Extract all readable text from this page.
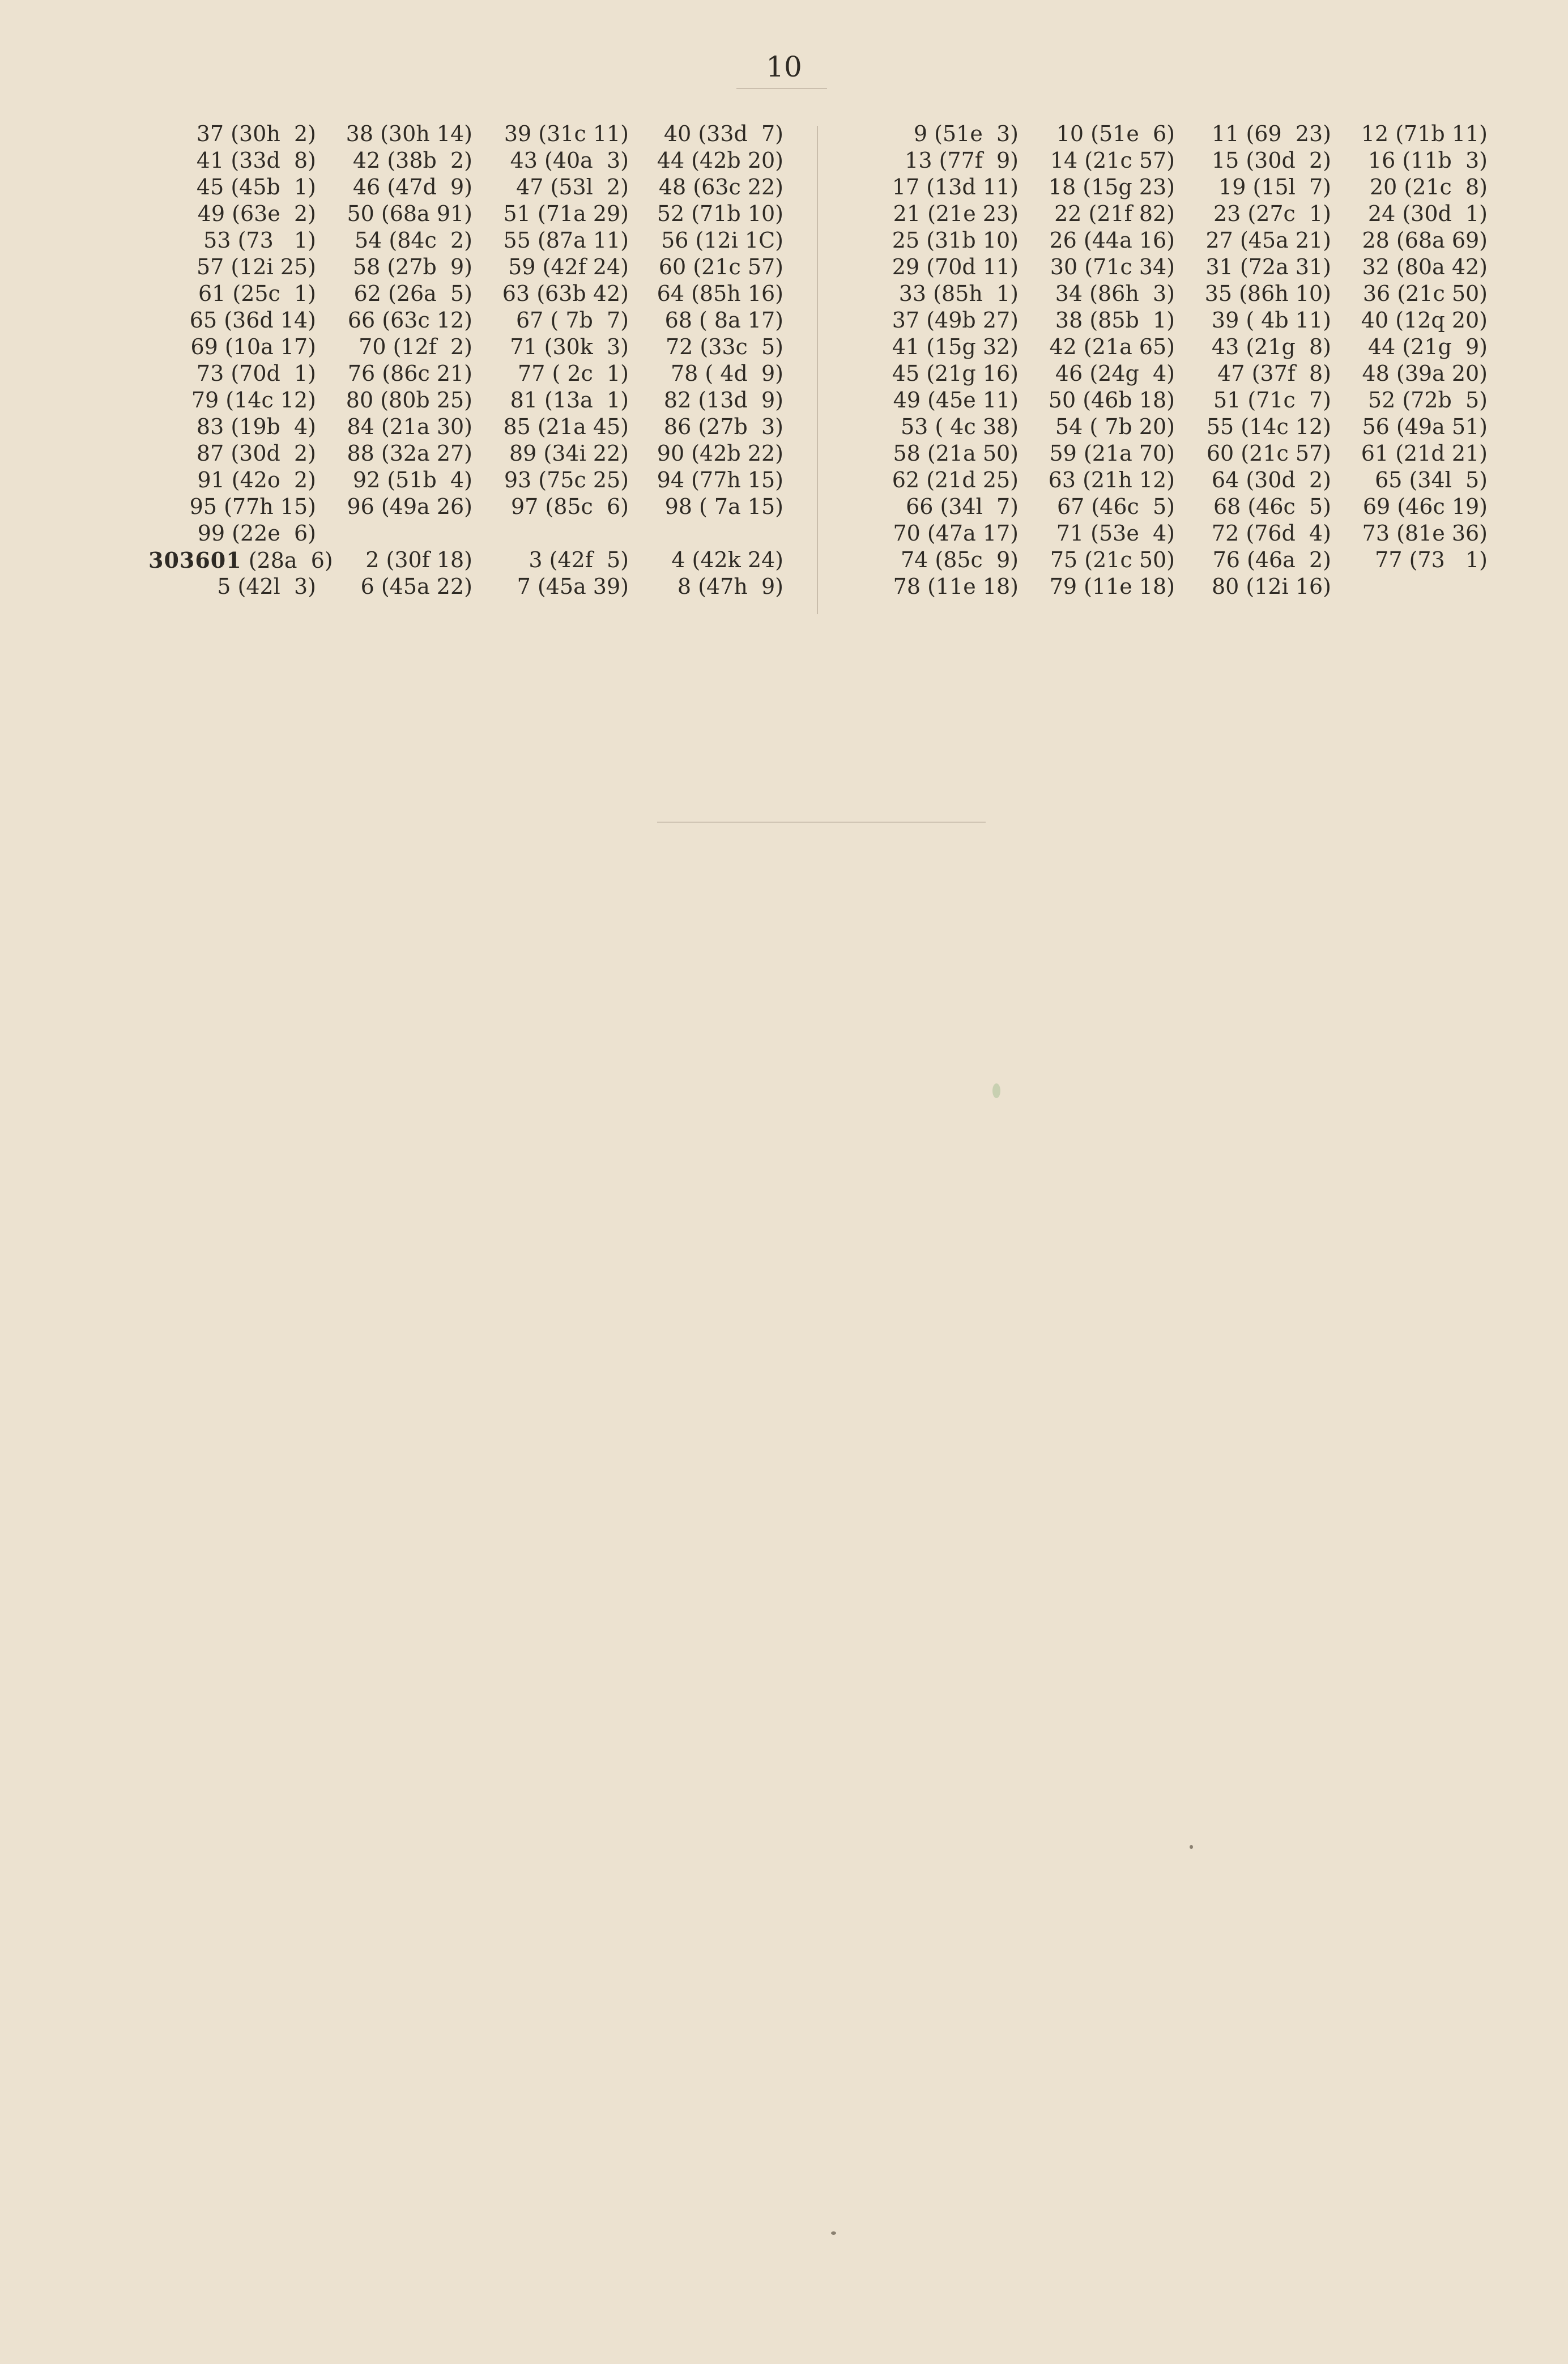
10
37 (30h  2)	38 (30h 14)	39 (31c 11)	40 (33d  7)
41 (33d  8)	42 (38b  2)	43 (40a  3)	44 (42b 20)
45 (45b  1)	46 (47d  9)	47 (53l  2)	48 (63c 22)
49 (63e  2)	50 (68a 91)	51 (71a 29)	52 (71b 10)
53 (73   1)	54 (84c  2)	55 (87a 11)	56 (12i 1C)
57 (12i 25)	58 (27b  9)	59 (42f 24)	60 (21c 57)
61 (25c  1)	62 (26a  5)	63 (63b 42)	64 (85h 16)
65 (36d 14)	66 (63c 12)	67 ( 7b  7)	68 ( 8a 17)
69 (10a 17)	70 (12f  2)	71 (30k  3)	72 (33c  5)
73 (70d  1)	76 (86c 21)	77 ( 2c  1)	78 ( 4d  9)
79 (14c 12)	80 (80b 25)	81 (13a  1)	82 (13d  9)
83 (19b  4)	84 (21a 30)	85 (21a 45)	86 (27b  3)
87 (30d  2)	88 (32a 27)	89 (34i 22)	90 (42b 22)
91 (42o  2)	92 (51b  4)	93 (75c 25)	94 (77h 15)
95 (77h 15)	96 (49a 26)	97 (85c  6)	98 ( 7a 15)
99 (22e  6)
303601 (28a  6)	2 (30f 18)	3 (42f  5)	4 (42k 24)
5 (42l  3)	6 (45a 22)	7 (45a 39)	8 (47h  9)
9 (51e  3)	10 (51e  6)	11 (69  23)	12 (71b 11)
13 (77f  9)	14 (21c 57)	15 (30d  2)	16 (11b  3)
17 (13d 11)	18 (15g 23)	19 (15l  7)	20 (21c  8)
21 (21e 23)	22 (21f 82)	23 (27c  1)	24 (30d  1)
25 (31b 10)	26 (44a 16)	27 (45a 21)	28 (68a 69)
29 (70d 11)	30 (71c 34)	31 (72a 31)	32 (80a 42)
33 (85h  1)	34 (86h  3)	35 (86h 10)	36 (21c 50)
37 (49b 27)	38 (85b  1)	39 ( 4b 11)	40 (12q 20)
41 (15g 32)	42 (21a 65)	43 (21g  8)	44 (21g  9)
45 (21g 16)	46 (24g  4)	47 (37f  8)	48 (39a 20)
49 (45e 11)	50 (46b 18)	51 (71c  7)	52 (72b  5)
53 ( 4c 38)	54 ( 7b 20)	55 (14c 12)	56 (49a 51)
58 (21a 50)	59 (21a 70)	60 (21c 57)	61 (21d 21)
62 (21d 25)	63 (21h 12)	64 (30d  2)	65 (34l  5)
66 (34l  7)	67 (46c  5)	68 (46c  5)	69 (46c 19)
70 (47a 17)	71 (53e  4)	72 (76d  4)	73 (81e 36)
74 (85c  9)	75 (21c 50)	76 (46a  2)	77 (73   1)
78 (11e 18)	79 (11e 18)	80 (12i 16)
